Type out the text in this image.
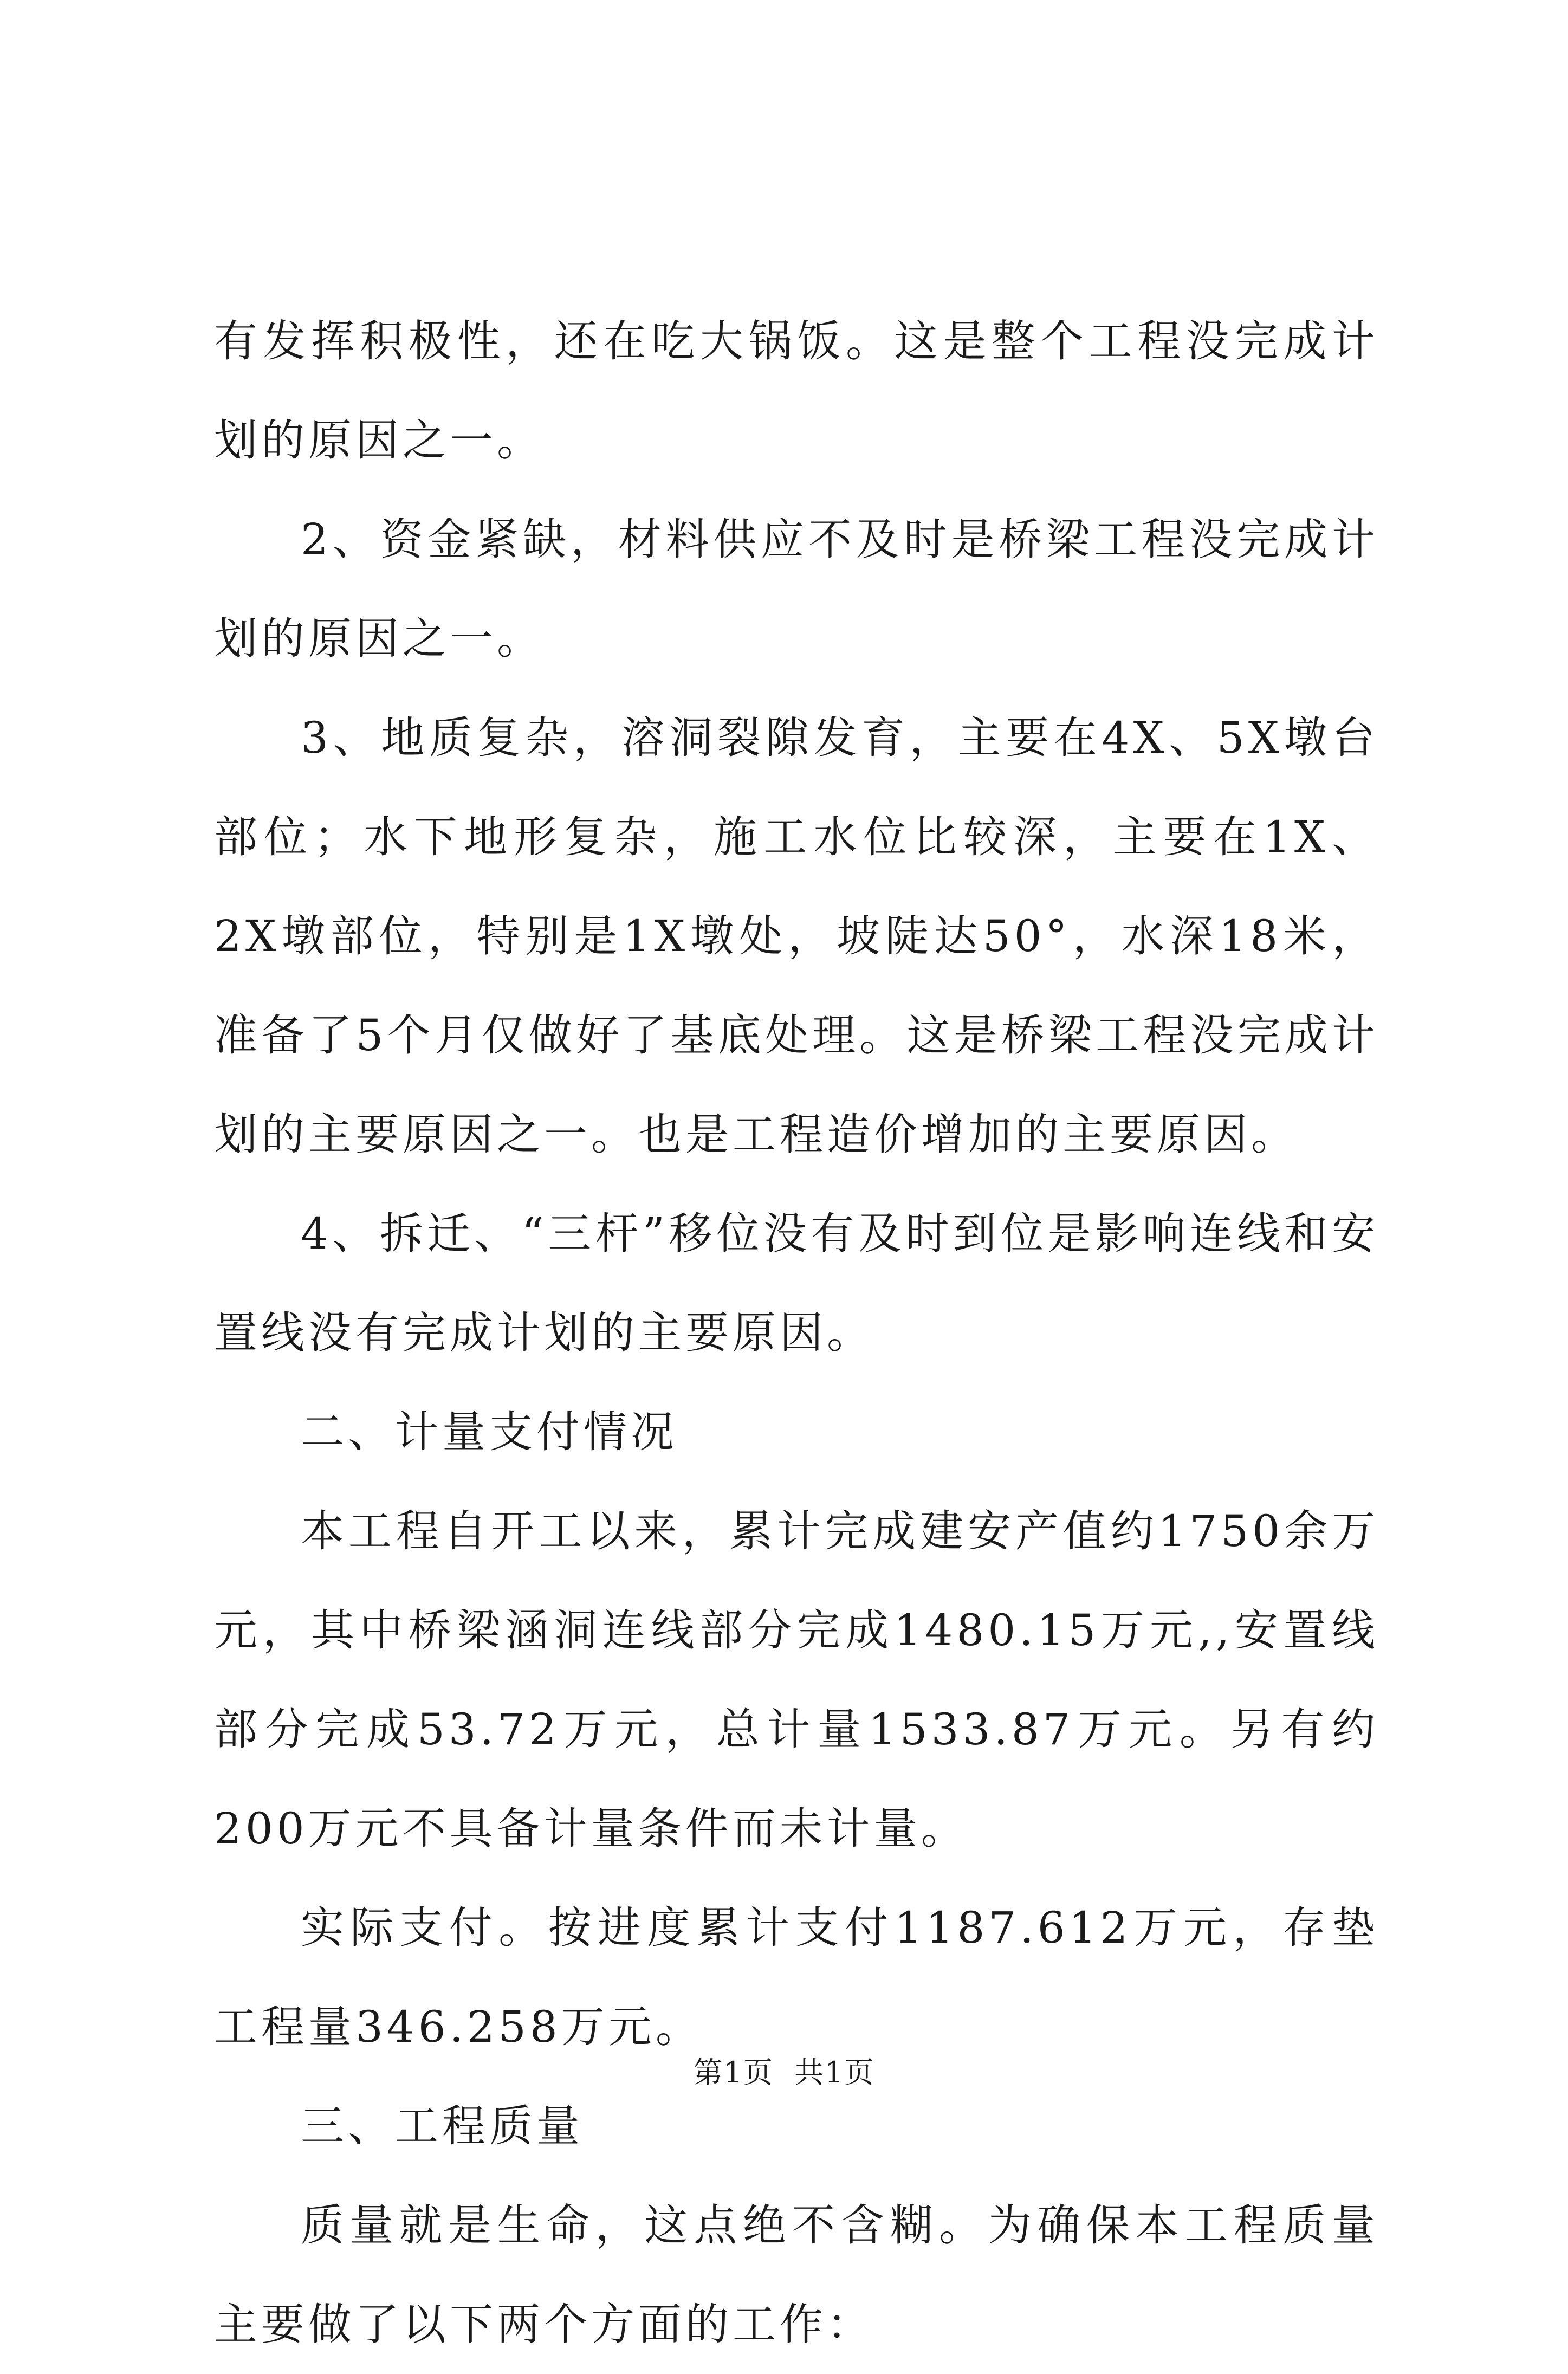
有发挥积极性，还在吃大锅饭。这是整个工程没完成计划的原因之一。

2、资金紧缺，材料供应不及时是桥梁工程没完成计划的原因之一。

3、地质复杂，溶洞裂隙发育，主要在4X、5X墩台部位；水下地形复杂，施工水位比较深，主要在1X、2X墩部位，特别是1X墩处，坡陡达50°，水深18米，准备了5个月仅做好了基底处理。这是桥梁工程没完成计划的主要原因之一。也是工程造价增加的主要原因。

4、拆迁、“三杆”移位没有及时到位是影响连线和安置线没有完成计划的主要原因。

二、计量支付情况

本工程自开工以来，累计完成建安产值约1750余万元，其中桥梁涵洞连线部分完成1480.15万元,,安置线部分完成53.72万元，总计量1533.87万元。另有约200万元不具备计量条件而未计量。

实际支付。按进度累计支付1187.612万元，存垫工程量346.258万元。

三、工程质量

质量就是生命，这点绝不含糊。为确保本工程质量主要做了以下两个方面的工作：

第1页 共1页
